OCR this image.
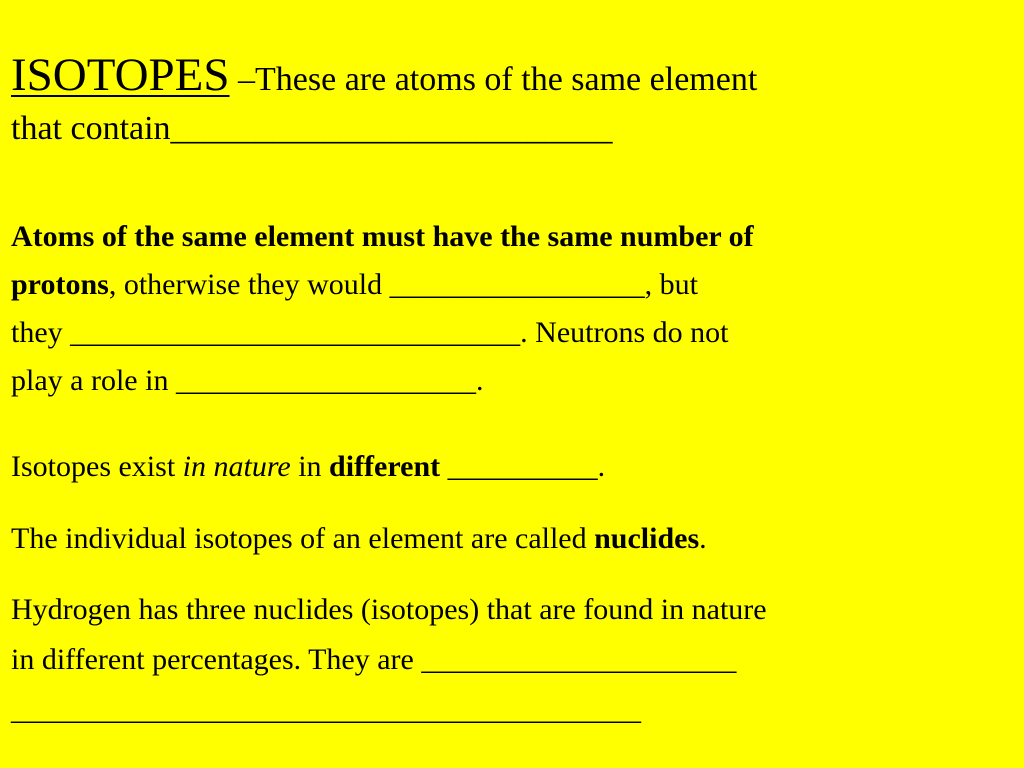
ISOTOPES –These are atoms of the same element
that contain__________________________
Atoms of the same element must have the same number of
protons, otherwise they would _________________, but
they ______________________________. Neutrons do not
play a role in ____________________.
Isotopes exist in nature in different __________.
The individual isotopes of an element are called nuclides.
Hydrogen has three nuclides (isotopes) that are found in nature
in different percentages. They are _____________________
__________________________________________
